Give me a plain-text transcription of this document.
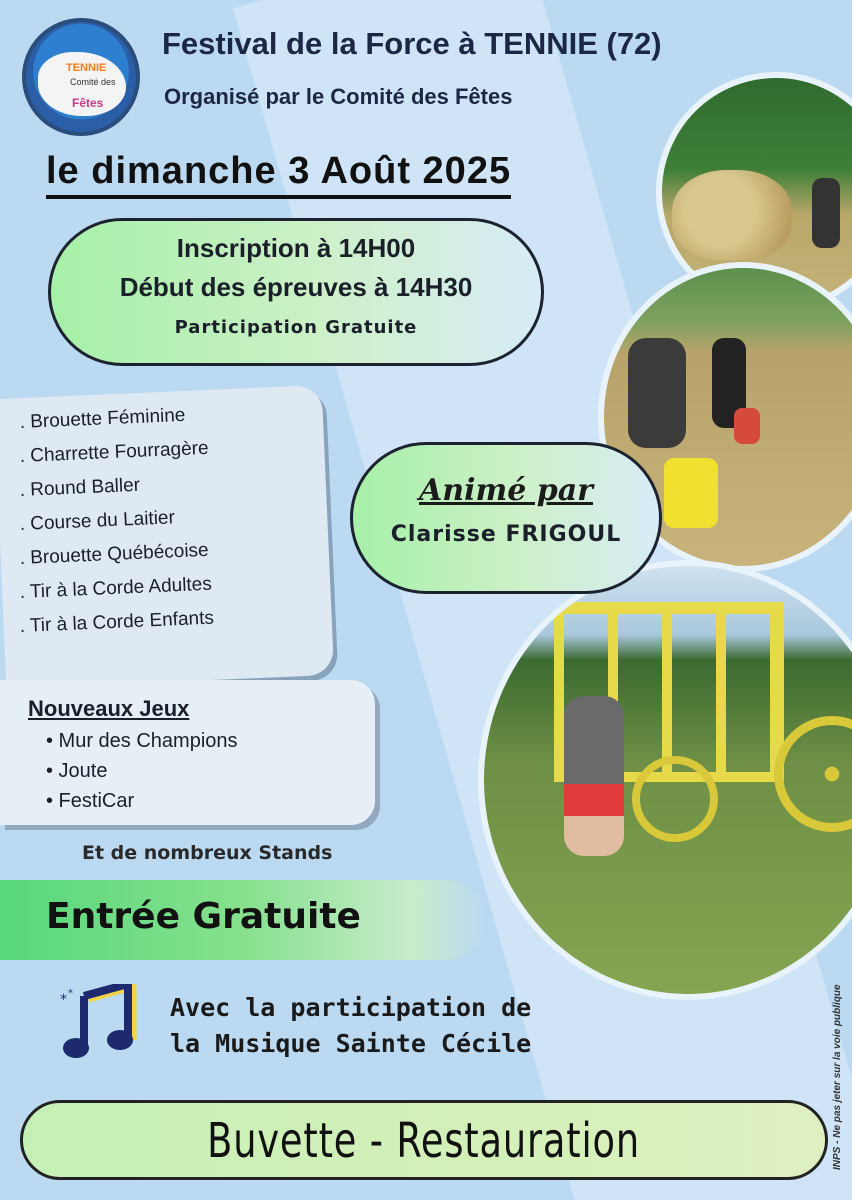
TENNIE
Comité des
Fêtes
Festival de la Force à TENNIE (72)
Organisé par le Comité des Fêtes
le dimanche 3 Août 2025
Inscription à 14H00
Début des épreuves à 14H30
Participation Gratuite
. Brouette Féminine
. Charrette Fourragère
. Round Baller
. Course du Laitier
. Brouette Québécoise
. Tir à la Corde Adultes
. Tir à la Corde Enfants
Animé par
Clarisse FRIGOUL
Nouveaux Jeux
• Mur des Champions
• Joute
• FestiCar
Et de nombreux Stands
Entrée Gratuite
* *	Avec la participation de
la Musique Sainte Cécile
Buvette - Restauration	INPS - Ne pas jeter sur la voie publique
